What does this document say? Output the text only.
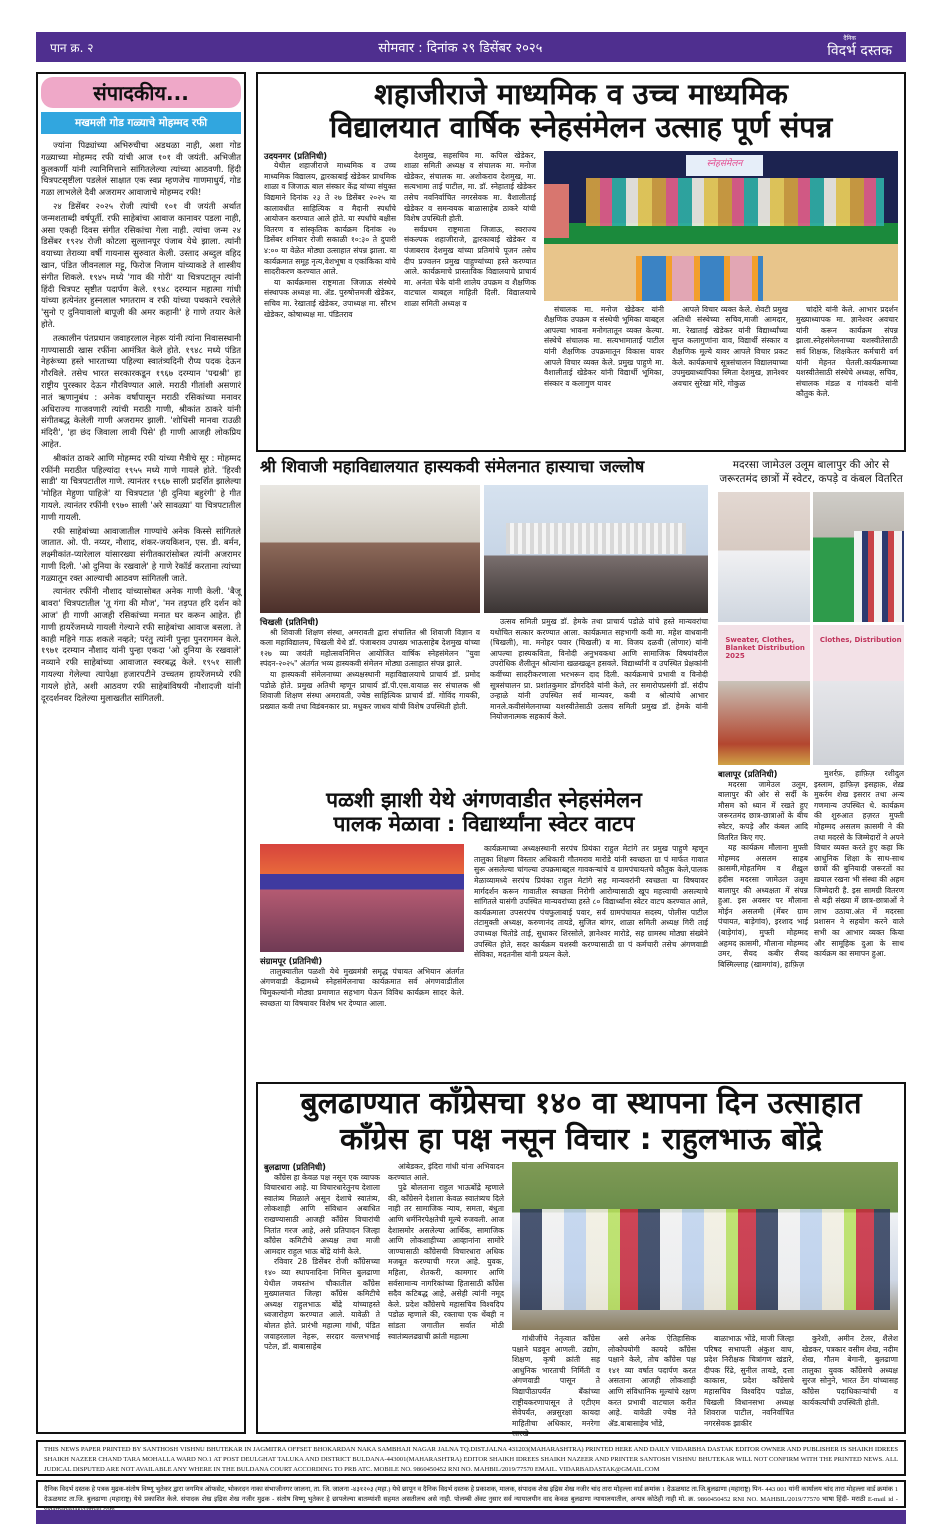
पान क्र. २	सोमवार : दिनांक २९ डिसेंबर २०२५
दैनिक
विदर्भ दस्तक
संपादकीय...
मखमली गोड गळ्याचे मोहम्मद रफी

ज्यांना पिढ्यांच्या अभिरुचीचा अडथळा नाही, अशा गोड गळ्याच्या मोहम्मद रफी यांची आज १०१ वी जयंती. अभिजीत कुलकर्णी यांनी त्यानिमित्ताने सांगितलेल्या त्यांच्या आठवणी. हिंदी चित्रपटसृष्टीला पडलेलं साक्षात एक स्वप्न म्हणजेच गाणमाधुर्य, गोड गळा लाभलेले दैवी अजरामर आवाजाचे मोहम्मद रफी!

२४ डिसेंबर २०२५ रोजी त्यांची १०१ वी जयंती अर्थात जन्मशताब्दी वर्षपूर्ती. रफी साहेबांचा आवाज कानावर पडला नाही, असा एकही दिवस संगीत रसिकांचा गेला नाही. त्यांचा जन्म २४ डिसेंबर १९२४ रोजी कोटला सुल्तानपूर पंजाब येथे झाला. त्यांनी वयाच्या तेराव्या वर्षी गायनास सुरुवात केली. उस्ताद अब्दुल वहिद खान, पंडित जीवनलाल मट्टू, फिरोज निजाम यांच्याकडे ते शास्त्रीय संगीत शिकले. १९४५ मध्ये 'गाव की गोरी' या चित्रपटातून त्यांनी हिंदी चित्रपट सृष्टीत पदार्पण केले. १९४८ दरम्यान महात्मा गांधी यांच्या हत्येनंतर हुस्नलाल भगतराम व रफी यांच्या पथकाने रचलेले 'सुनो ए दुनियावालो बापूजी की अमर कहानी' हे गाणे तयार केले होते.

तत्कालीन पंतप्रधान जवाहरलाल नेहरू यांनी त्यांना निवासस्थानी गाण्यासाठी खास रफींना आमंत्रित केले होते. १९४८ मध्ये पंडित नेहरूंच्या हस्ते भारताच्या पहिल्या स्वातंत्र्यदिनी रौप्य पदक देऊन गौरविले. तसेच भारत सरकारकडून १९६७ दरम्यान 'पद्मश्री' हा राष्ट्रीय पुरस्कार देऊन गौरविण्यात आले. मराठी गीतांशी असणारं नातं ऋणानुबंध : अनेक वर्षांपासून मराठी रसिकांच्या मनावर अधिराज्य गाजवणारी त्यांची मराठी गाणी, श्रीकांत ठाकरे यांनी संगीतबद्ध केलेली गाणी अजरामर झाली. 'शोधिसी मानवा राउळी मंदिरी', 'हा छंद जिवाला लावी पिसे' ही गाणी आजही लोकप्रिय आहेत.

श्रीकांत ठाकरे आणि मोहम्मद रफी यांच्या मैत्रीचे सूर : मोहम्मद रफींनी मराठीत पहिल्यांदा १९५५ मध्ये गाणे गायले होते. 'हिरवी साडी' या चित्रपटातील गाणे. त्यानंतर १९६७ साली प्रदर्शित झालेल्या 'मोहित मेहुणा पाहिजे' या चित्रपटात 'ही दुनिया बहुरंगी' हे गीत गायले. त्यानंतर रफींनी १९७० साली 'अरे सावळ्या' या चित्रपटातील गाणी गायली.

रफी साहेबांच्या आवाजातील गाण्यांचे अनेक किस्से सांगितले जातात. ओ. पी. नय्यर, नौशाद, शंकर-जयकिशन, एस. डी. बर्मन, लक्ष्मीकांत-प्यारेलाल यांसारख्या संगीतकारांसोबत त्यांनी अजरामर गाणी दिली. 'ओ दुनिया के रखवाले' हे गाणे रेकॉर्ड करताना त्यांच्या गळ्यातून रक्त आल्याची आठवण सांगितली जाते.

त्यानंतर रफींनी नौशाद यांच्यासोबत अनेक गाणी केली. 'बैजू बावरा' चित्रपटातील 'तू गंगा की मौज', 'मन तड़पत हरि दर्शन को आज' ही गाणी आजही रसिकांच्या मनात घर करून आहेत. ही गाणी हायरेंजमध्ये गायली गेल्याने रफी साहेबांचा आवाज बसला. ते काही महिने गाऊ शकले नव्हते; परंतु त्यांनी पुन्हा पुनरागमन केले. १९७१ दरम्यान नौशाद यांनी पुन्हा एकदा 'ओ दुनिया के रखवाले' नव्याने रफी साहेबांच्या आवाजात स्वरबद्ध केले. १९५१ साली गायल्या गेलेल्या त्यापेक्षा हजारपटीने उच्चतम हायरेंजमध्ये रफी गायले होते, अशी आठवण रफी साहेबांविषयी नौशादजी यांनी दूरदर्शनवर दिलेल्या मुलाखतीत सांगितली.

शहाजीराजे माध्यमिक व उच्च माध्यमिक
विद्यालयात वार्षिक स्नेहसंमेलन उत्साह पूर्ण संपन्न

उदयनगर (प्रतिनिधी)

येथील शहाजीराजे माध्यमिक व उच्च माध्यमिक विद्यालय, द्वारकाबाई खेडेकर प्राथमिक शाळा व जिजाऊ बाल संस्कार केंद्र यांच्या संयुक्त विद्यमाने दिनांक २३ ते २७ डिसेंबर २०२५ या कालावधीत साहित्यिक व मैदानी स्पर्धांचे आयोजन करण्यात आले होते. या स्पर्धांचे बक्षीस वितरण व सांस्कृतिक कार्यक्रम दिनांक २७ डिसेंबर शनिवार रोजी सकाळी १०:३० ते दुपारी ४:०० या वेळेत मोठ्या उत्साहात संपन्न झाला. या कार्यक्रमात समूह नृत्य,वेशभूषा व एकांकिका यांचे सादरीकरण करण्यात आले.

या कार्यक्रमास राष्ट्रमाता जिजाऊ संस्थेचे संस्थापक अध्यक्ष मा. ॲड. पुरुषोत्तमजी खेडेकर, सचिव मा. रेखाताई खेडेकर, उपाध्यक्ष मा. सौरभ खेडेकर, कोषाध्यक्ष मा. पंडितराव

देशमुख, सहसचिव मा. कपिल खेडेकर, शाळा समिती अध्यक्ष व संचालक मा. मनोज खेडेकर, संचालक मा. अशोकराव देशमुख, मा. सत्यभामा ताई पाटील, मा. डॉ. स्नेहाताई खेडेकर तसेच नवनिर्वाचित नगरसेवक मा. वैशालीताई खेडेकर व समन्वयक बाळासाहेब ठाकरे यांची विशेष उपस्थिती होती.

सर्वप्रथम राष्ट्रमाता जिजाऊ, स्वराज्य संकल्पक शहाजीराजे, द्वारकाबाई खेडेकर व पंजाबराव देशमुख यांच्या प्रतिमांचे पूजन तसेच दीप प्रज्वलन प्रमुख पाहुण्यांच्या हस्ते करण्यात आले. कार्यक्रमाचे प्रास्ताविक विद्यालयाचे प्राचार्य मा. अनंता चेके यांनी शालेय उपक्रम व शैक्षणिक वाटचाल याबद्दल माहिती दिली. विद्यालयाचे शाळा समिती अध्यक्ष व

स्नेहसंमेलन

संचालक मा. मनोज खेडेकर यांनी शैक्षणिक उपक्रम व संस्थेची भूमिका याबद्दल आपल्या भावना मनोगतातून व्यक्त केल्या. संस्थेचे संचालक मा. सत्यभामाताई पाटील यांनी शैक्षणिक उपक्रमातून विकास यावर आपले विचार व्यक्त केले. प्रमुख पाहुणे मा. वैशालीताई खेडेकर यांनी विद्यार्थी भूमिका, संस्कार व कलागुण यावर

आपले विचार व्यक्त केले. शेवटी प्रमुख अतिथी संस्थेच्या सचिव,माजी आमदार, मा. रेखाताई खेडेकर यांनी विद्यार्थ्यांच्या सुप्त कलागुणांना वाव, विद्यार्थी संस्कार व शैक्षणिक मूल्ये यावर आपले विचार प्रकट केले. कार्यक्रमाचे सूत्रसंचालन विद्यालयाच्या उपमुख्याध्यापिका स्मिता देशमुख, ज्ञानेश्वर अवचार सुरेखा मोरे, गोकुळ

चांदोरे यांनी केले. आभार प्रदर्शन मुख्याध्यापक मा. ज्ञानेश्वर अवचार यांनी करून कार्यक्रम संपन्न झाला.स्नेहसंमेलनाच्या यशस्वीतेसाठी सर्व शिक्षक, शिक्षकेतर कर्मचारी वर्ग यांनी मेहनत घेतली.कार्यक्रमाच्या यशस्वीतेसाठी संस्थेचे अध्यक्ष, सचिव, संचालक मंडळ व गांवकरी यांनी कौतुक केले.

श्री शिवाजी महाविद्यालयात हास्यकवी संमेलनात हास्याचा जल्लोष

चिखली (प्रतिनिधी)

श्री शिवाजी शिक्षण संस्था, अमरावती द्वारा संचालित श्री शिवाजी विज्ञान व कला महाविद्यालय, चिखली येथे डॉ. पंजाबराव उपाख्य भाऊसाहेब देशमुख यांच्या १२७ व्या जयंती महोत्सवनिमित्त आयोजित वार्षिक स्नेहसंमेलन "युवा स्पंदन-२०२५" अंतर्गत भव्य हास्यकवी संमेलन मोठ्या उत्साहात संपन्न झाले.

या हास्यकवी संमेलनाच्या अध्यक्षस्थानी महाविद्यालयाचे प्राचार्य डॉ. प्रमोद पडोळे होते. प्रमुख अतिथी म्हणून प्राचार्य डॉ.पी.एस.वायाळ सर संचालक श्री शिवाजी शिक्षण संस्था अमरावती, ज्येष्ठ साहित्यिक प्राचार्य डॉ. गोविंद गायकी, प्रख्यात कवी तथा विडंबनकार प्रा. मधुकर जाधव यांची विशेष उपस्थिती होती.

उत्सव समिती प्रमुख डॉ. हेमके तथा प्राचार्य पडोळे यांचे हस्ते मान्यवरांचा यथोचित सत्कार करण्यात आला. कार्यक्रमात सहभागी कवी मा. महेश वाधवानी (चिखली), मा. मनोहर पवार (चिखली) व मा. विजय दळवी (लोणार) यांनी आपल्या हास्यकविता, विनोदी अनुभवकथा आणि सामाजिक विषयांवरील उपरोधिक शैलीतून श्रोत्यांना खळखळून हसवले. विद्यार्थ्यांनी व उपस्थित प्रेक्षकांनी कवींच्या सादरीकरणाला भरभरून दाद दिली. कार्यक्रमाचे प्रभावी व विनोदी सूत्रसंचालन प्रा. प्रशांतकुमार डोंगरदिवे यांनी केले, तर समारोपप्रसंगी डॉ. संदीप उन्हाळे यांनी उपस्थित सर्व मान्यवर, कवी व श्रोत्यांचे आभार मानले.कवीसंमेलनाच्या यशस्वीतेसाठी उत्सव समिती प्रमुख डॉ. हेमके यांनी नियोजनात्मक सहकार्य केले.

मदरसा जामेउल उलूम बालापुर की ओर से जरूरतमंद छात्रों में स्वेटर, कपड़े व कंबल वितरित
Sweater, Clothes, Blanket Distribution 2025
Clothes, Distribution

बालापूर (प्रतिनिधी)

मदरसा जामेउल उलूम, बालापुर की ओर से सर्दी के मौसम को ध्यान में रखते हुए जरूरतमंद छात्र-छात्राओं के बीच स्वेटर, कपड़े और कंबल आदि वितरित किए गए.

यह कार्यक्रम मौलाना मुफ्ती मोहम्मद असलम साहब क़ासमी,मोहतमिम व शैख़ुल हदीस मदरसा जामेउल उलूम बालापुर की अध्यक्षता में संपन्न हुआ. इस अवसर पर मौलाना मोईन असलमी (मेंबर ग्राम पंचायत, बाड़ेगांव), इरशाद भाई (बाड़ेगांव), मुफ्ती मोहम्मद अहमद क़ासमी, मौलाना मोहम्मद उमर, सैयद कबीर सैयद बिस्मिल्लाह (खामगांव), हाफ़िज़

मुशर्रफ़, हाफ़िज़ रशीदुल इस्लाम, हाफ़िज़ इसहाक़, शेख़ मुकर्रम शेख इसरार तथा अन्य गणमान्य उपस्थित थे. कार्यक्रम की शुरुआत हज़रत मुफ्ती मोहम्मद असलम क़ासमी ने की तथा मदरसे के जिम्मेदारों ने अपने विचार व्यक्त करते हुए कहा कि आधुनिक शिक्षा के साथ-साथ छात्रों की बुनियादी जरूरतों का ख़याल रखना भी संस्था की अहम जिम्मेदारी है. इस सामग्री वितरण से बड़ी संख्या में छात्र-छात्राओं ने लाभ उठाया.अंत में मदरसा प्रशासन ने सहयोग करने वाले सभी का आभार व्यक्त किया और सामूहिक दुआ के साथ कार्यक्रम का समापन हुआ.

पळशी झाशी येथे अंगणवाडीत स्नेहसंमेलन
पालक मेळावा : विद्यार्थ्यांना स्वेटर वाटप

संग्रामपूर (प्रतिनिधी)

तालुक्यातील पळशी येथे मुख्यमंत्री समृद्ध पंचायत अभियान अंतर्गत अंगणवाडी केंद्रामध्ये स्नेहसंमेलनाचा कार्यक्रमात सर्व अंगणवाडीतील चिमुकल्यांनी मोठ्या प्रमाणात सहभाग घेऊन विविध कार्यक्रम सादर केले. स्वच्छता या विषयावर विशेष भर देण्यात आला.

कार्यक्रमाच्या अध्यक्षस्थानी सरपंच प्रियंका राहुल मेटांगे तर प्रमुख पाहुणे म्हणून तालुका शिक्षण विस्तार अधिकारी गौतमराव मारोडे यांनी स्वच्छता ग्रा पं मार्फत गावात सुरू असलेल्या चांगल्या उपक्रमाबद्दल गावकऱ्यांचे व ग्रामपंचायतचे कौतुक केले,पालक मेळाव्यामध्ये सरपंच प्रियंका राहुल मेटांगे सह मान्यवरांनी स्वच्छता या विषयावर मार्गदर्शन करून गावातील स्वच्छता निरोगी आरोग्यासाठी खूप महत्त्वाची असल्याचे सांगितले यासंगी उपस्थित मान्यवरांच्या हस्ते ८० विद्यार्थ्यांना स्वेटर वाटप करण्यात आले, कार्यक्रमाला उपसरपंच पंचफुलाबाई पवार, सर्व ग्रामपंचायत सदस्य, पोलीस पाटील तंटामुक्ती अध्यक्ष, करुणानंद तायडे, सुजित बांगर, शाळा समिती अध्यक्ष गिरी ताई उपाध्यक्ष चितोडे ताई, सुधाकर शिरसोले, ज्ञानेश्वर मारोडे, सह ग्रामस्थ मोठ्या संख्येने उपस्थित होते, सदर कार्यक्रम यशस्वी करण्यासाठी ग्रा पं कर्मचारी तसेच अंगणवाडी सेविका, मदतनीस यांनी प्रयत्न केले.

बुलढाण्यात काँग्रेसचा १४० वा स्थापना दिन उत्साहात
काँग्रेस हा पक्ष नसून विचार : राहुलभाऊ बोंद्रे

बुलढाणा (प्रतिनिधी)

काँग्रेस हा केवळ पक्ष नसून एक व्यापक विचारधारा आहे. या विचारधारेतूनच देशाला स्वातंत्र्य मिळाले असून देशाचे स्वातंत्र्य, लोकशाही आणि संविधान अबाधित राखण्यासाठी आजही काँग्रेस विचारांची नितांत गरज आहे, असे प्रतिपादन जिल्हा काँग्रेस कमिटीचे अध्यक्ष तथा माजी आमदार राहुल भाऊ बोंद्रे यांनी केले.

रविवार 28 डिसेंबर रोजी काँग्रेसच्या १४० व्या स्थापनादिना निमित्त बुलढाणा येथील जयस्तंभ चौकातील काँग्रेस मुख्यालयात जिल्हा काँग्रेस कमिटीचे अध्यक्ष राहुलभाऊ बोंद्रे यांच्याहस्ते ध्वजारोहण करण्यात आले. यावेळी ते बोलत होते. प्रारंभी महात्मा गांधी, पंडित जवाहरलाल नेहरू, सरदार वल्लभभाई पटेल, डॉ. बाबासाहेब

आंबेडकर, इंदिरा गांधी यांना अभिवादन करण्यात आले.

पुढे बोलताना राहुल भाऊबोंद्रे म्हणाले की, काँग्रेसने देशाला केवळ स्वातंत्र्यच दिले नाही तर सामाजिक न्याय, समता, बंधुता आणि धर्मनिरपेक्षतेची मूल्ये रुजवली. आज देशासमोर असलेल्या आर्थिक, सामाजिक आणि लोकशाहीच्या आव्हानांना सामोरे जाण्यासाठी काँग्रेसची विचारधारा अधिक मजबूत करण्याची गरज आहे. युवक, महिला, शेतकरी, कामगार आणि सर्वसामान्य नागरिकांच्या हितासाठी काँग्रेस सदैव कटिबद्ध आहे, असेही त्यांनी नमूद केले. प्रदेश काँग्रेसचे महासचिव विश्वदिप पडोळ म्हणाले की, रक्ताचा एक थेंबही न सांडता जगातील सर्वात मोठी स्वातंत्र्यलढ्याची क्रांती महात्मा	गांधीजींचे नेतृत्वात काँग्रेस पक्षाने घडवून आणली. उद्योग, शिक्षण, कृषी क्रांती सह आधुनिक भारताची निर्मिती व अंगणवाडी पासून ते विद्यापीठापर्यंत बँकांच्या राष्ट्रीयकरणापासून ते एटीएम सेवेपर्यंत, अन्नसुरक्षा कायदा माहितीचा अधिकार, मनरेगा सारखे

असे अनेक ऐतिहासिक लोकोपयोगी कायदे काँग्रेस पक्षाने केले, तोच काँग्रेस पक्ष १४१ व्या वर्षात पदार्पण करत असताना आजही लोकशाही आणि संविधानिक मूल्यांचे रक्षण करत प्रभावी वाटचाल करीत आहे. यावेळी ज्येष्ठ नेते ॲड.बाबासाहेब भोंडे,

बाळाभाऊ भोंडे, माजी जिल्हा परिषद सभापती अंकुश वाघ, प्रदेश निरीक्षक चित्रांगण खंडारे, दीपक रिंढे, सुनील तायडे, दत्ता काकास, प्रदेश काँग्रेसचे महासचिव विश्वदिप पडोळ, चिखली विधानसभा अध्यक्ष शिवराज पाटील, नवनिर्वाचित नगरसेवक झाकीर

कुरेशी, अमीन टेलर, शैलेश खेडकर, पत्रकार वसीम शेख, नदीम शेख, गौतम बेगानी, बुलढाणा तालुका युवक काँग्रेसचे अध्यक्ष सुरज सोनुने, भारत ठेंग यांच्यासह काँग्रेस पदाधिकाऱ्यांची व कार्यकर्त्यांची उपस्थिती होती.

THIS NEWS PAPER PRINTED BY SANTHOSH VISHNU BHUTEKAR IN JAGMITRA OFFSET BHOKARDAN NAKA SAMBHAJI NAGAR JALNA TQ.DIST.JALNA 431203(MAHARASHTRA) PRINTED HERE AND DAILY VIDARBHA DASTAK EDITOR OWNER AND PUBLISHER IS SHAIKH IDREES SHAIKH NAZEER CHAND TARA MOHALLA WARD NO.1 AT POST DEULGHAT TALUKA AND DISTRICT BULDANA-443001(MAHARASHTRA) EDITOR SHAIKH IDREES SHAIKH NAZEER AND PRINTER SANTOSH VISHNU BHUTEKAR WILL NOT CONFIRM WITH THE PRINTED NEWS. ALL JUDICAL DISPUTED ARE NOT AVAILABLE ANY WHERE IN THE BULDANA COURT ACCORDING TO PRB ATC. MOBILE NO. 9860450452 RNI NO. MAHBIL/2019/77570 EMAIL. VIDARBADASTAK@GMAIL.COM
दैनिक विदर्भ दस्तक हे पत्रक मुद्रक-संतोष विष्णू भुतेकर द्वारा जगमित्र ऑफसेट, भोकरदन नाका संभाजीनगर जालना, ता. जि. जालना -४३१२०३ (महा.) येथे छापून व दैनिक विदर्भ दस्तक हे प्रकाशक, मालक, संपादक शेख इद्रिस शेख नजीर चांद तारा मोहल्ला वार्ड क्रमांक 1 देऊळघाट ता.जि.बुलढाणा (महाराष्ट्र) पिन- 443 001 यांनी कार्यालय चांद तारा मोहल्ला वार्ड क्रमांक 1 देऊळघाट ता.जि. बुलढाणा (महाराष्ट्र) येथे प्रकाशित केले. संपादक शेख इद्रिस शेख नजीर मुद्रक - संतोष विष्णू भुतेकर हे छापलेल्या बातम्यांशी सहमत असतीलच असे नाही. पोलम्बी ॲक्ट नुसार सर्व न्यायालयीन वाद केवळ बुलढाणा न्यायालयातील, अन्यत्र कोठेही नाही मो. क्र. 9860450452 RNI NO. MAHBIL/2019/77570 भाषा हिंदी- मराठी E-mail id -
